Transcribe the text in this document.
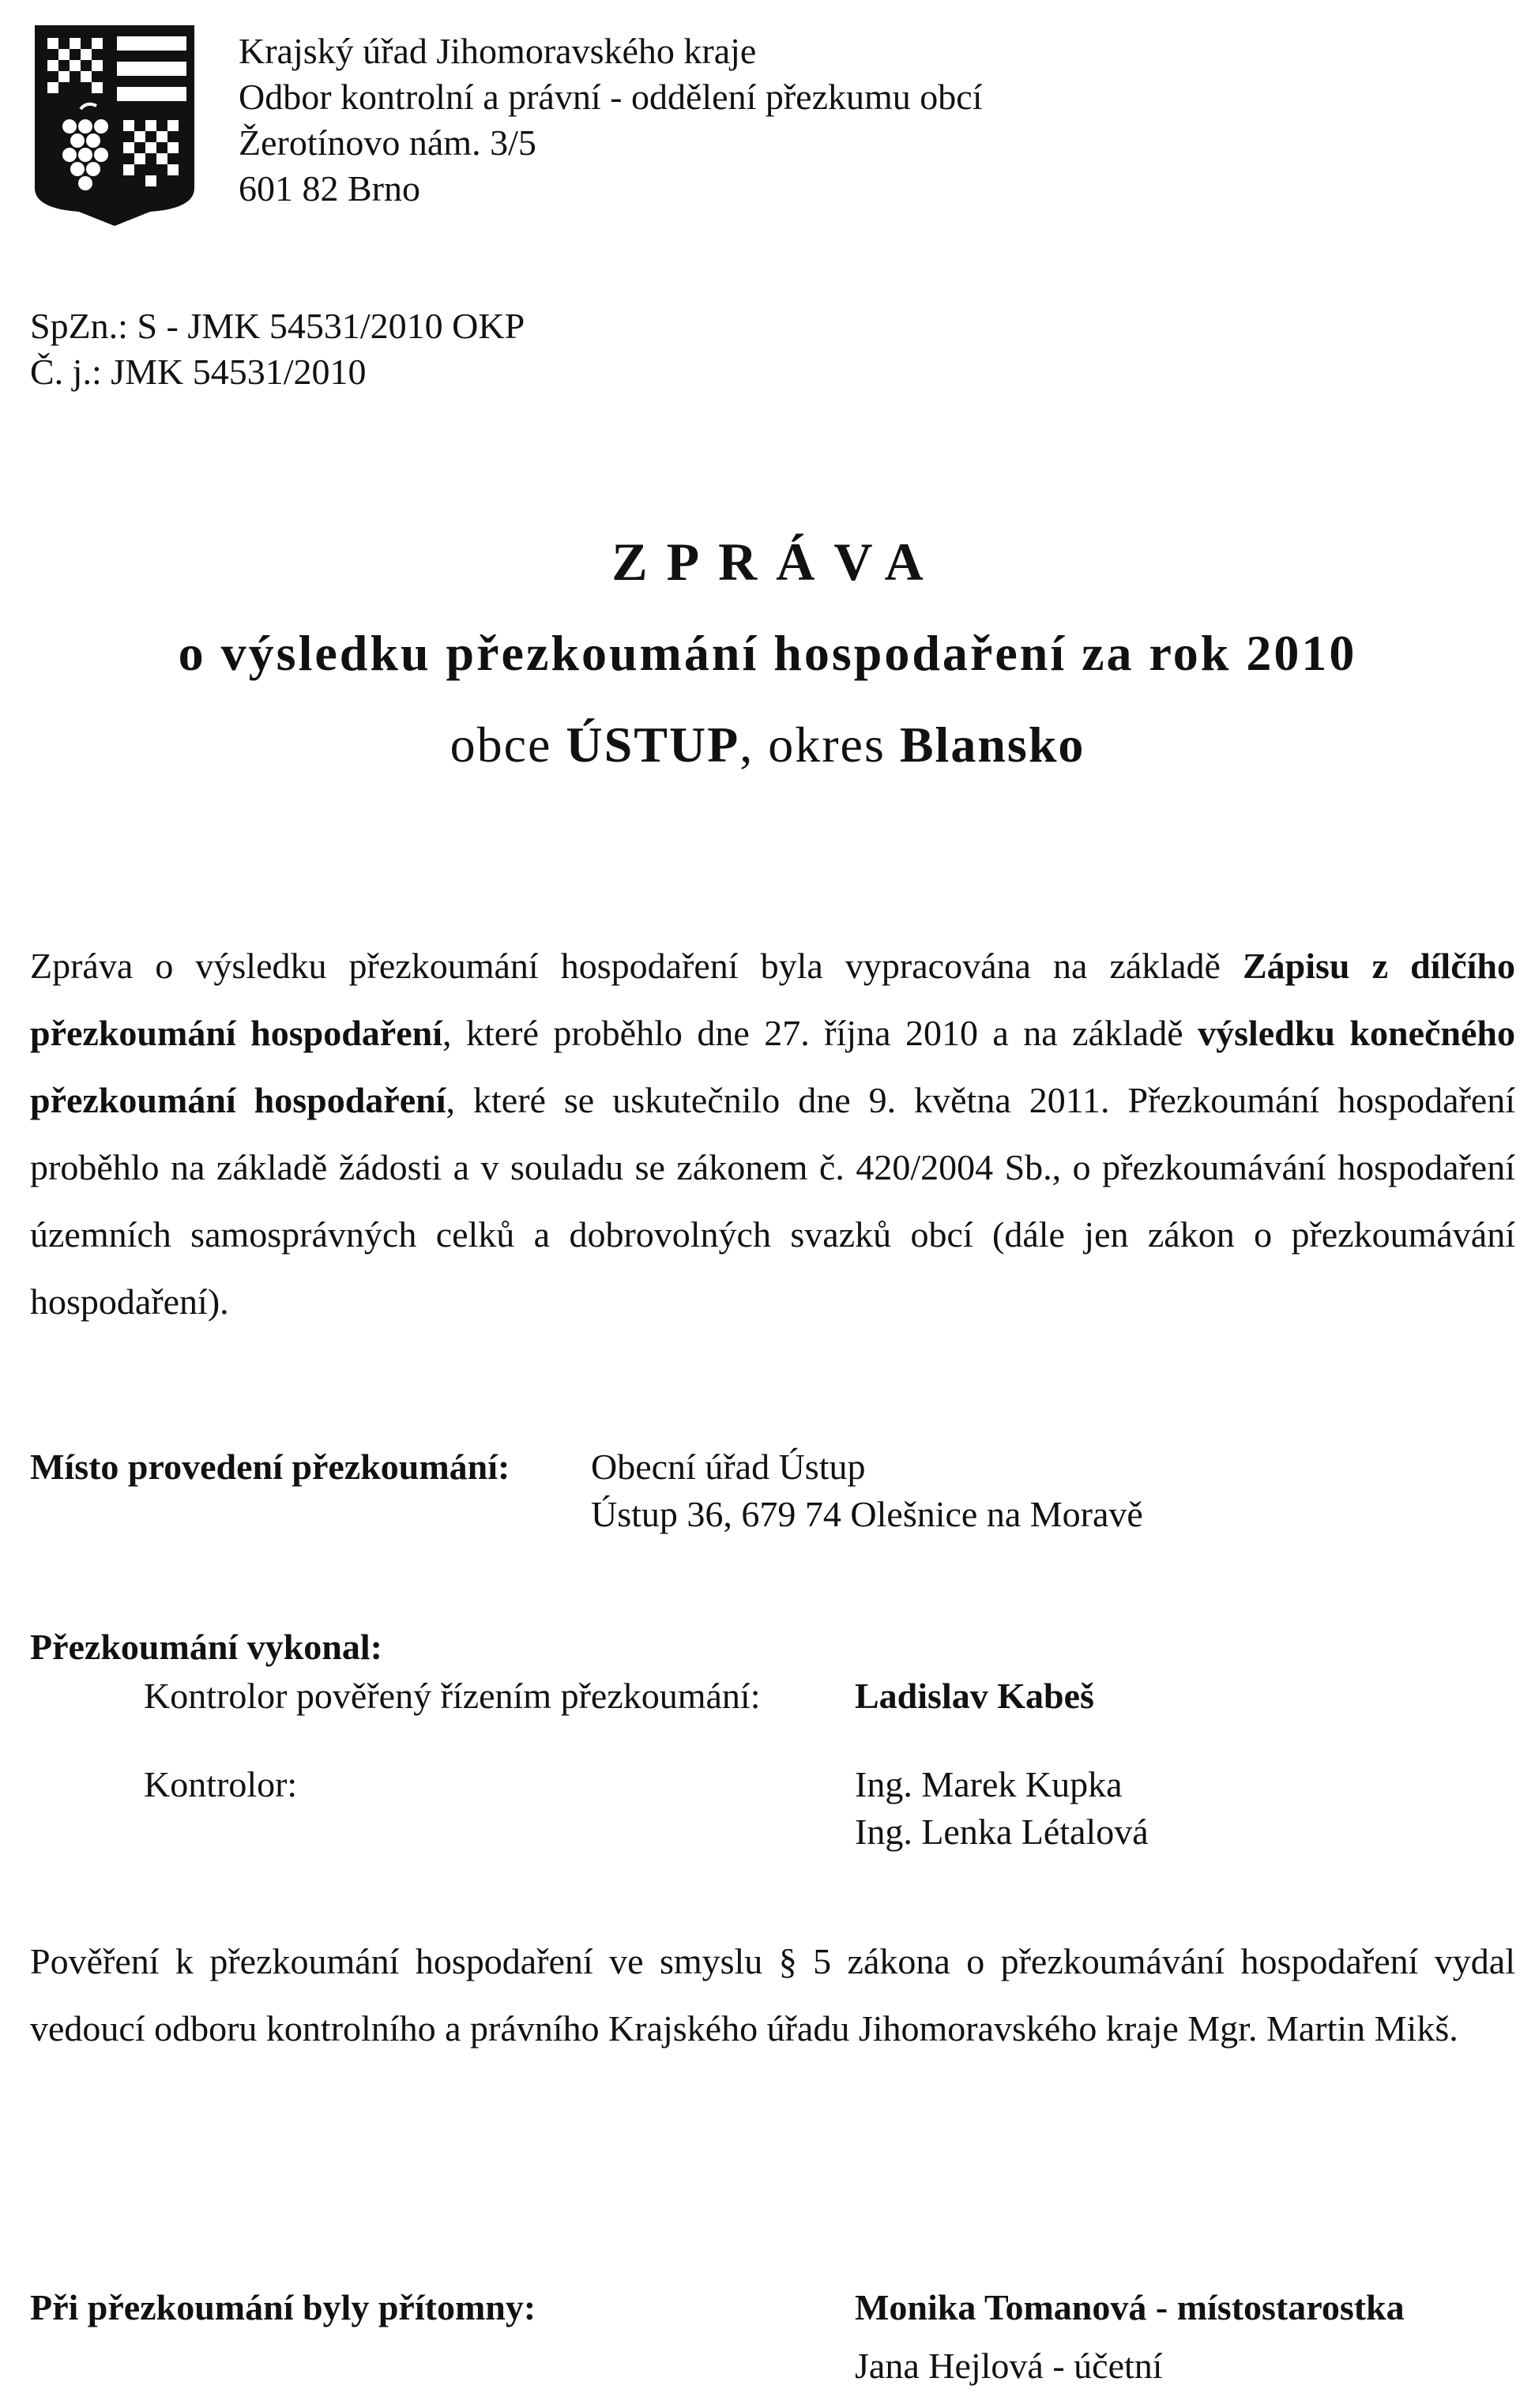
Krajský úřad Jihomoravského kraje
Odbor kontrolní a právní - oddělení přezkumu obcí
Žerotínovo nám. 3/5
601 82 Brno
SpZn.: S - JMK 54531/2010 OKP
Č. j.: JMK 54531/2010
ZPRÁVA
o výsledku přezkoumání hospodaření za rok 2010
obce ÚSTUP, okres Blansko
Zpráva o výsledku přezkoumání hospodaření byla vypracována na základě Zápisu z dílčího přezkoumání hospodaření, které proběhlo dne 27. října 2010 a na základě výsledku konečného přezkoumání hospodaření, které se uskutečnilo dne 9. května 2011. Přezkoumání hospodaření proběhlo na základě žádosti a v souladu se zákonem č. 420/2004 Sb., o přezkoumávání hospodaření územních samosprávných celků a dobrovolných svazků obcí (dále jen zákon o přezkoumávání hospodaření).
Místo provedení přezkoumání: Obecní úřad Ústup
Ústup 36, 679 74 Olešnice na Moravě
Přezkoumání vykonal:
Kontrolor pověřený řízením přezkoumání:	Ladislav Kabeš
Kontrolor:	Ing. Marek Kupka
Ing. Lenka Létalová
Pověření k přezkoumání hospodaření ve smyslu § 5 zákona o přezkoumávání hospodaření vydal vedoucí odboru kontrolního a právního Krajského úřadu Jihomoravského kraje Mgr. Martin Mikš.
Při přezkoumání byly přítomny:	Monika Tomanová - místostarostka
Jana Hejlová - účetní
